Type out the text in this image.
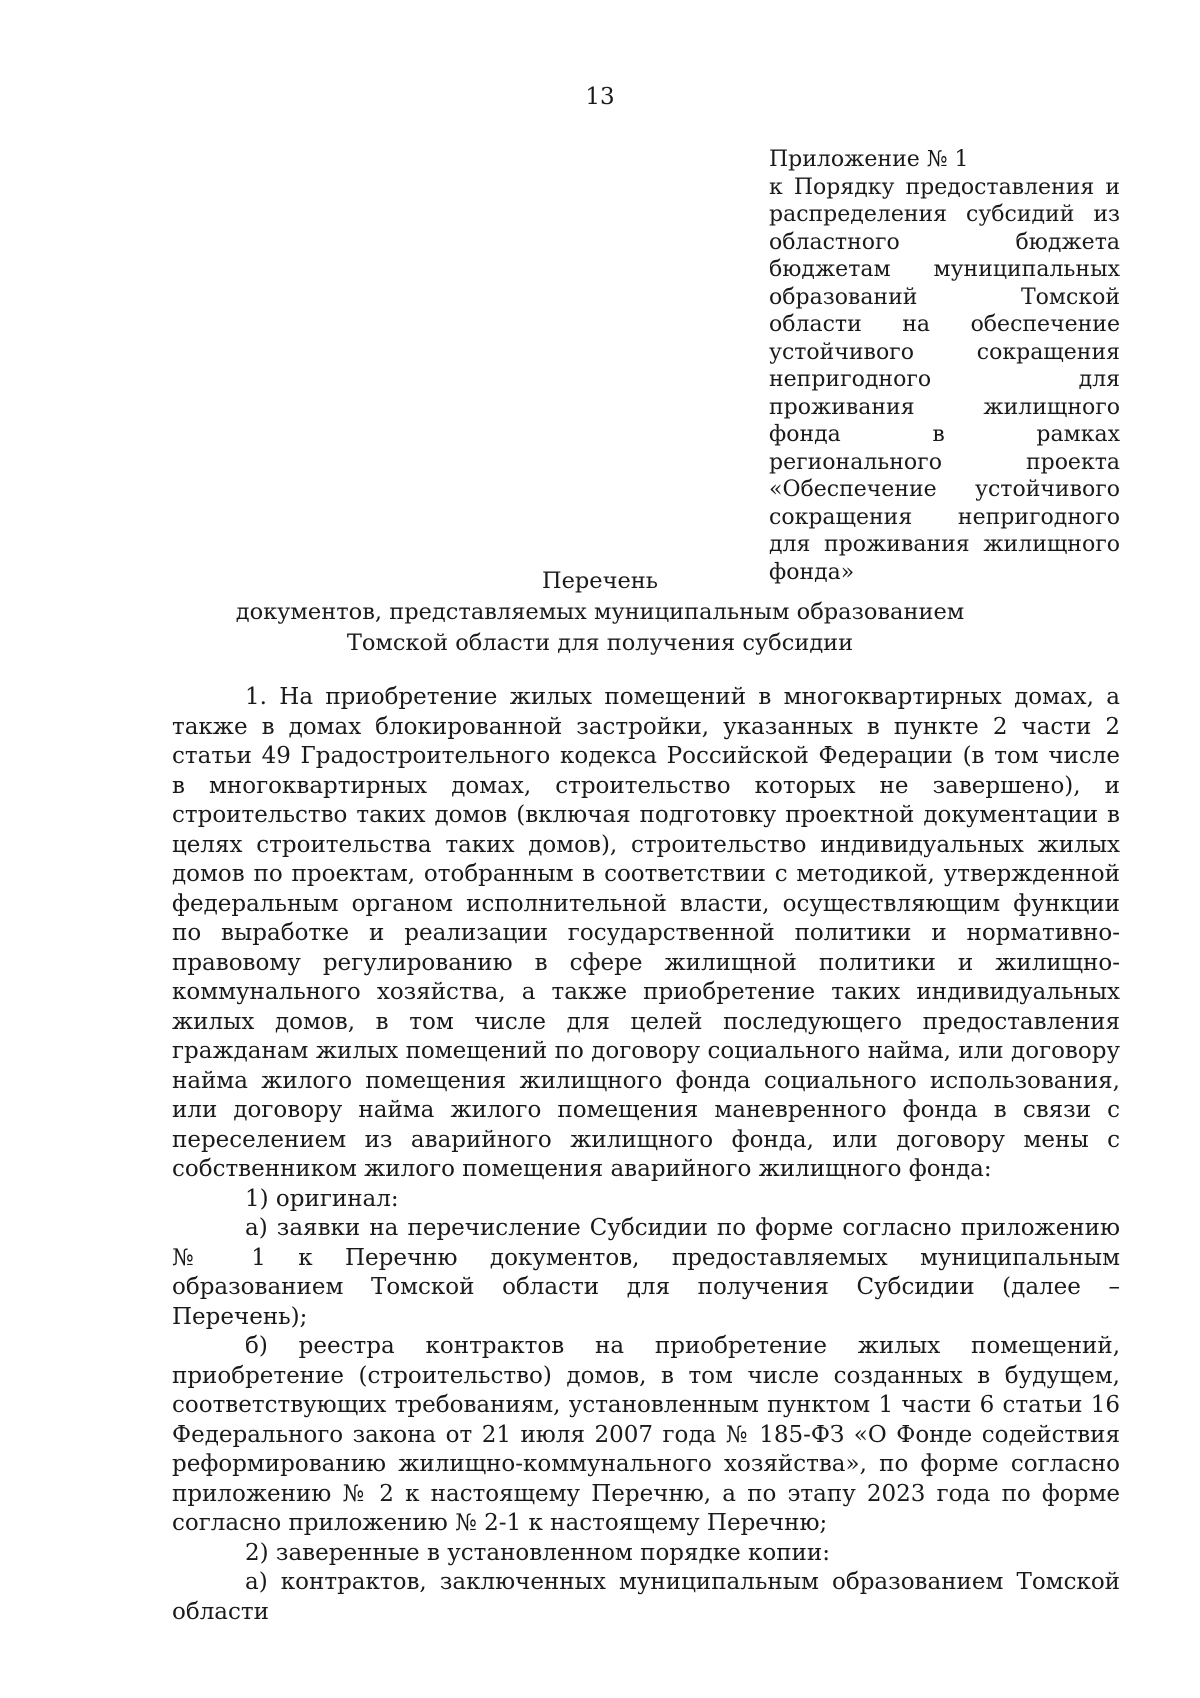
13
Приложение № 1
к Порядку предоставления и распределения субсидий из областного бюджета бюджетам муниципальных образований Томской области на обеспечение устойчивого сокращения непригодного для проживания жилищного фонда в рамках регионального проекта «Обеспечение устойчивого сокращения непригодного для проживания жилищного фонда»
Перечень
документов, представляемых муниципальным образованием
Томской области для получения субсидии

1. На приобретение жилых помещений в многоквартирных домах, а также в домах блокированной застройки, указанных в пункте 2 части 2 статьи 49 Градостроительного кодекса Российской Федерации (в том числе в многоквартирных домах, строительство которых не завершено), и строительство таких домов (включая подготовку проектной документации в целях строительства таких домов), строительство индивидуальных жилых домов по проектам, отобранным в соответствии с методикой, утвержденной федеральным органом исполнительной власти, осуществляющим функции по выработке и реализации государственной политики и нормативно-правовому регулированию в сфере жилищной политики и жилищно-коммунального хозяйства, а также приобретение таких индивидуальных жилых домов, в том числе для целей последующего предоставления гражданам жилых помещений по договору социального найма, или договору найма жилого помещения жилищного фонда социального использования, или договору найма жилого помещения маневренного фонда в связи с переселением из аварийного жилищного фонда, или договору мены с собственником жилого помещения аварийного жилищного фонда:

1) оригинал:

а) заявки на перечисление Субсидии по форме согласно приложению № 1 к Перечню документов, предоставляемых муниципальным образованием Томской области для получения Субсидии (далее – Перечень);

б) реестра контрактов на приобретение жилых помещений, приобретение (строительство) домов, в том числе созданных в будущем, соответствующих требованиям, установленным пунктом 1 части 6 статьи 16 Федерального закона от 21 июля 2007 года № 185-ФЗ «О Фонде содействия реформированию жилищно-коммунального хозяйства», по форме согласно приложению № 2 к настоящему Перечню, а по этапу 2023 года по форме согласно приложению № 2-1 к настоящему Перечню;

2) заверенные в установленном порядке копии:

а) контрактов, заключенных муниципальным образованием Томской области
